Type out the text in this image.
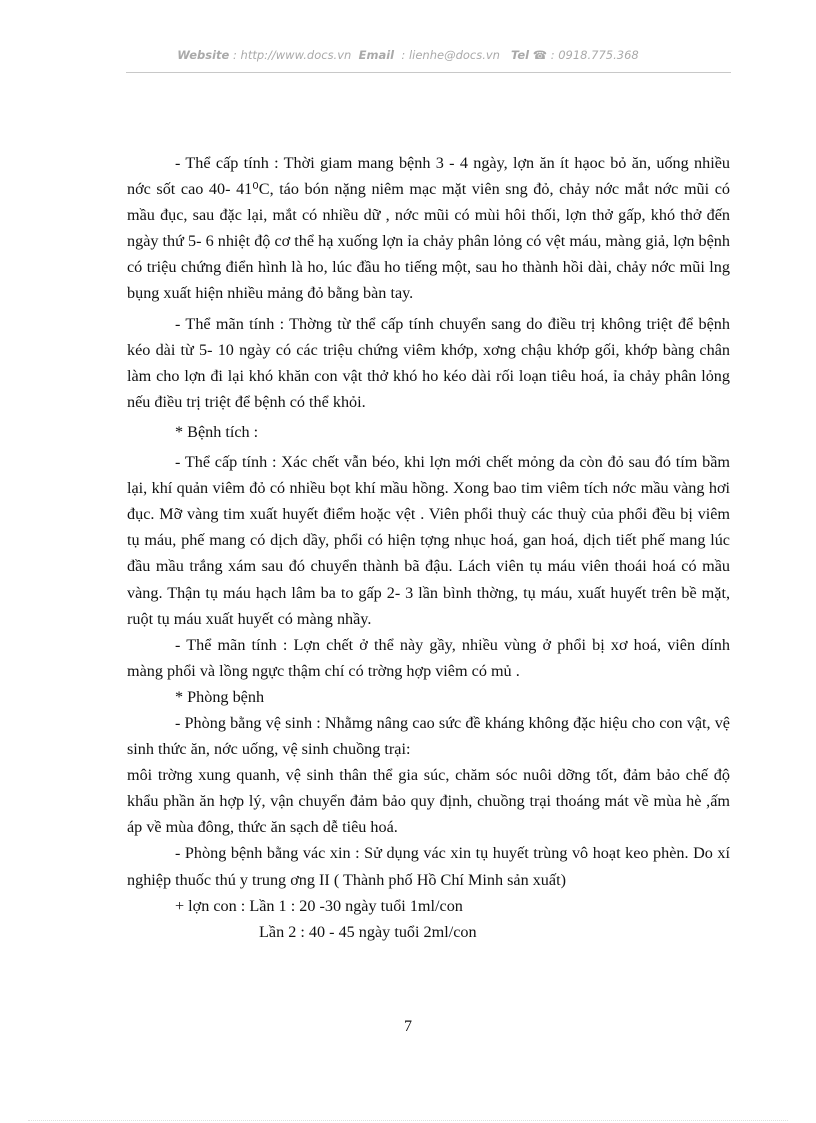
Website : http://www.docs.vn Email : lienhe@docs.vn Tel ☎ : 0918.775.368

- Thể cấp tính : Thời giam mang bệnh 3 - 4 ngày, lợn ăn ít hạoc bỏ ăn, uống nhiều nớc sốt cao 40- 41⁰C, táo bón nặng niêm mạc mặt viên sng đỏ, chảy nớc mắt nớc mũi có mầu đục, sau đặc lại, mắt có nhiều dữ , nớc mũi có mùi hôi thối, lợn thở gấp, khó thở đến ngày thứ 5- 6 nhiệt độ cơ thể hạ xuống lợn ỉa chảy phân lỏng có vệt máu, màng giả, lợn bệnh có triệu chứng điển hình là ho, lúc đầu ho tiếng một, sau ho thành hồi dài, chảy nớc mũi lng bụng xuất hiện nhiều mảng đỏ bằng bàn tay.

- Thể mãn tính : Thờng từ thể cấp tính chuyển sang do điều trị không triệt để bệnh kéo dài từ 5- 10 ngày có các triệu chứng viêm khớp, xơng chậu khớp gối, khớp bàng chân làm cho lợn đi lại khó khăn con vật thở khó ho kéo dài rối loạn tiêu hoá, ỉa chảy phân lỏng nếu điều trị triệt để bệnh có thể khỏi.

* Bệnh tích :

- Thể cấp tính : Xác chết vẫn béo, khi lợn mới chết mỏng da còn đỏ sau đó tím bầm lại, khí quản viêm đỏ có nhiều bọt khí mầu hồng. Xong bao tim viêm tích nớc mầu vàng hơi đục. Mỡ vàng tim xuất huyết điểm hoặc vệt . Viên phổi thuỳ các thuỳ của phổi đều bị viêm tụ máu, phế mang có dịch dầy, phổi có hiện tợng nhục hoá, gan hoá, dịch tiết phế mang lúc đầu mầu trắng xám sau đó chuyển thành bã đậu. Lách viên tụ máu viên thoái hoá có mầu vàng. Thận tụ máu hạch lâm ba to gấp 2- 3 lần bình thờng, tụ máu, xuất huyết trên bề mặt, ruột tụ máu xuất huyết có màng nhầy.

- Thể mãn tính : Lợn chết ở thể này gầy, nhiều vùng ở phổi bị xơ hoá, viên dính màng phổi và lồng ngực thậm chí có trờng hợp viêm có mủ .

* Phòng bệnh

- Phòng bằng vệ sinh : Nhằmg nâng cao sức đề kháng không đặc hiệu cho con vật, vệ sinh thức ăn, nớc uống, vệ sinh chuồng trại:

môi trờng xung quanh, vệ sinh thân thể gia súc, chăm sóc nuôi dỡng tốt, đảm bảo chế độ khẩu phần ăn hợp lý, vận chuyển đảm bảo quy định, chuồng trại thoáng mát về mùa hè ,ấm áp về mùa đông, thức ăn sạch dễ tiêu hoá.

- Phòng bệnh bằng vác xin : Sử dụng vác xin tụ huyết trùng vô hoạt keo phèn. Do xí nghiệp thuốc thú y trung ơng II ( Thành phố Hồ Chí Minh sản xuất)

+ lợn con : Lần 1 : 20 -30 ngày tuổi 1ml/con

Lần 2 : 40 - 45 ngày tuổi 2ml/con

7
